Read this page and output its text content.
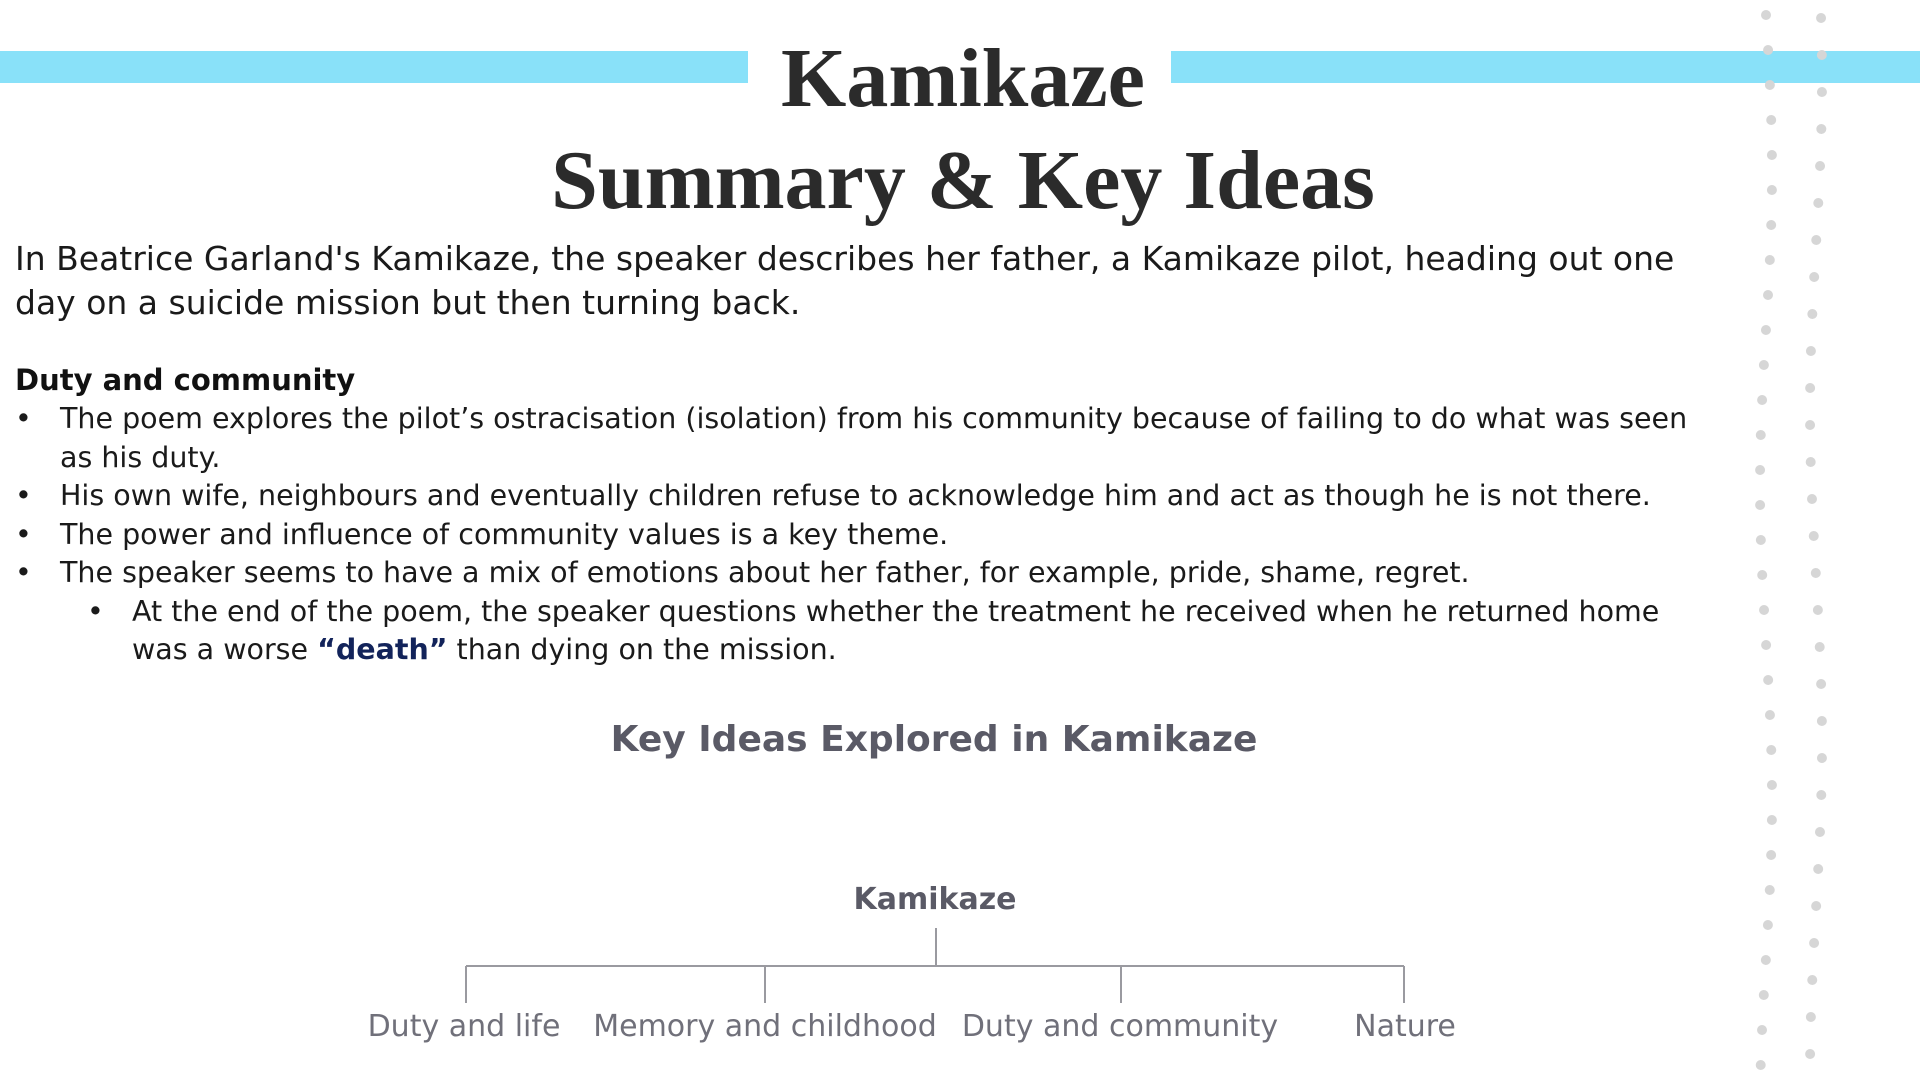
Kamikaze
Summary & Key Ideas

In Beatrice Garland's Kamikaze, the speaker describes her father, a Kamikaze pilot, heading out one day on a suicide mission but then turning back.

Duty and community
• The poem explores the pilot’s ostracisation (isolation) from his community because of failing to do what was seen as his duty.
• His own wife, neighbours and eventually children refuse to acknowledge him and act as though he is not there.
• The power and influence of community values is a key theme.
• The speaker seems to have a mix of emotions about her father, for example, pride, shame, regret.
• At the end of the poem, the speaker questions whether the treatment he received when he returned home was a worse “death” than dying on the mission.
Key Ideas Explored in Kamikaze
Kamikaze
Duty and life	Memory and childhood Duty and community	Nature
